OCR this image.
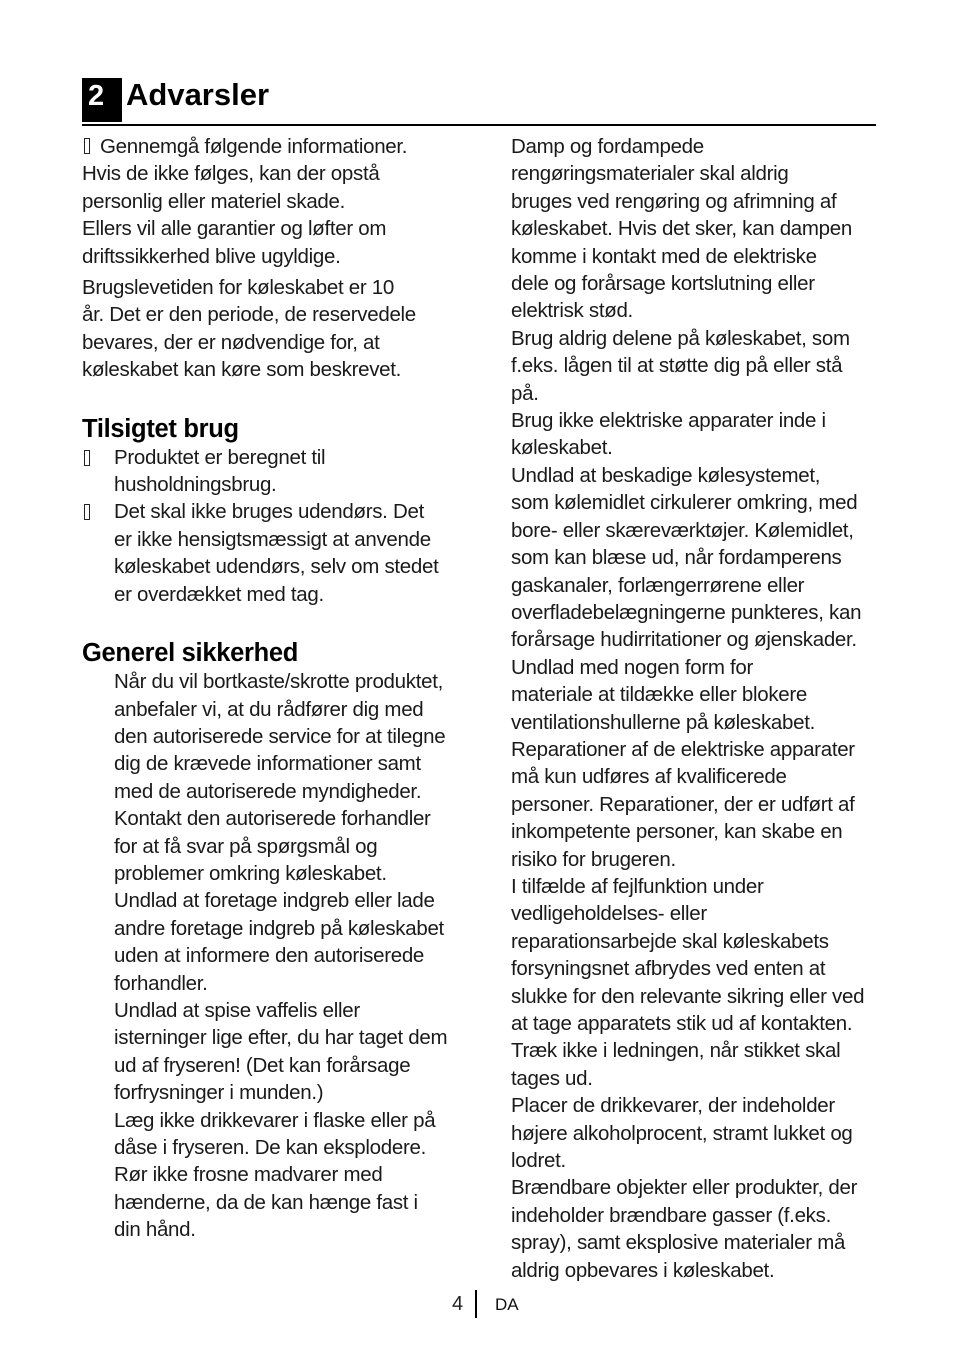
2 Advarsler

Gennemgå følgende informationer.

Hvis de ikke følges, kan der opstå

personlig eller materiel skade.

Ellers vil alle garantier og løfter om

driftssikkerhed blive ugyldige.

Brugslevetiden for køleskabet er 10

år. Det er den periode, de reservedele

bevares, der er nødvendige for, at

køleskabet kan køre som beskrevet.

Tilsigtet brug

Produktet er beregnet til

husholdningsbrug.

Det skal ikke bruges udendørs. Det

er ikke hensigtsmæssigt at anvende

køleskabet udendørs, selv om stedet

er overdækket med tag.

Generel sikkerhed

Når du vil bortkaste/skrotte produktet,

anbefaler vi, at du rådfører dig med

den autoriserede service for at tilegne

dig de krævede informationer samt

med de autoriserede myndigheder.

Kontakt den autoriserede forhandler

for at få svar på spørgsmål og

problemer omkring køleskabet.

Undlad at foretage indgreb eller lade

andre foretage indgreb på køleskabet

uden at informere den autoriserede

forhandler.

Undlad at spise vaffelis eller

isterninger lige efter, du har taget dem

ud af fryseren! (Det kan forårsage

forfrysninger i munden.)

Læg ikke drikkevarer i flaske eller på

dåse i fryseren. De kan eksplodere.

Rør ikke frosne madvarer med

hænderne, da de kan hænge fast i

din hånd.

Damp og fordampede

rengøringsmaterialer skal aldrig

bruges ved rengøring og afrimning af

køleskabet. Hvis det sker, kan dampen

komme i kontakt med de elektriske

dele og forårsage kortslutning eller

elektrisk stød.

Brug aldrig delene på køleskabet, som

f.eks. lågen til at støtte dig på eller stå

på.

Brug ikke elektriske apparater inde i

køleskabet.

Undlad at beskadige kølesystemet,

som kølemidlet cirkulerer omkring, med

bore- eller skæreværktøjer. Kølemidlet,

som kan blæse ud, når fordamperens

gaskanaler, forlængerrørene eller

overfladebelægningerne punkteres, kan

forårsage hudirritationer og øjenskader.

Undlad med nogen form for

materiale at tildække eller blokere

ventilationshullerne på køleskabet.

Reparationer af de elektriske apparater

må kun udføres af kvalificerede

personer. Reparationer, der er udført af

inkompetente personer, kan skabe en

risiko for brugeren.

I tilfælde af fejlfunktion under

vedligeholdelses- eller

reparationsarbejde skal køleskabets

forsyningsnet afbrydes ved enten at

slukke for den relevante sikring eller ved

at tage apparatets stik ud af kontakten.

Træk ikke i ledningen, når stikket skal

tages ud.

Placer de drikkevarer, der indeholder

højere alkoholprocent, stramt lukket og

lodret.

Brændbare objekter eller produkter, der

indeholder brændbare gasser (f.eks.

spray), samt eksplosive materialer må

aldrig opbevares i køleskabet.

4 DA
